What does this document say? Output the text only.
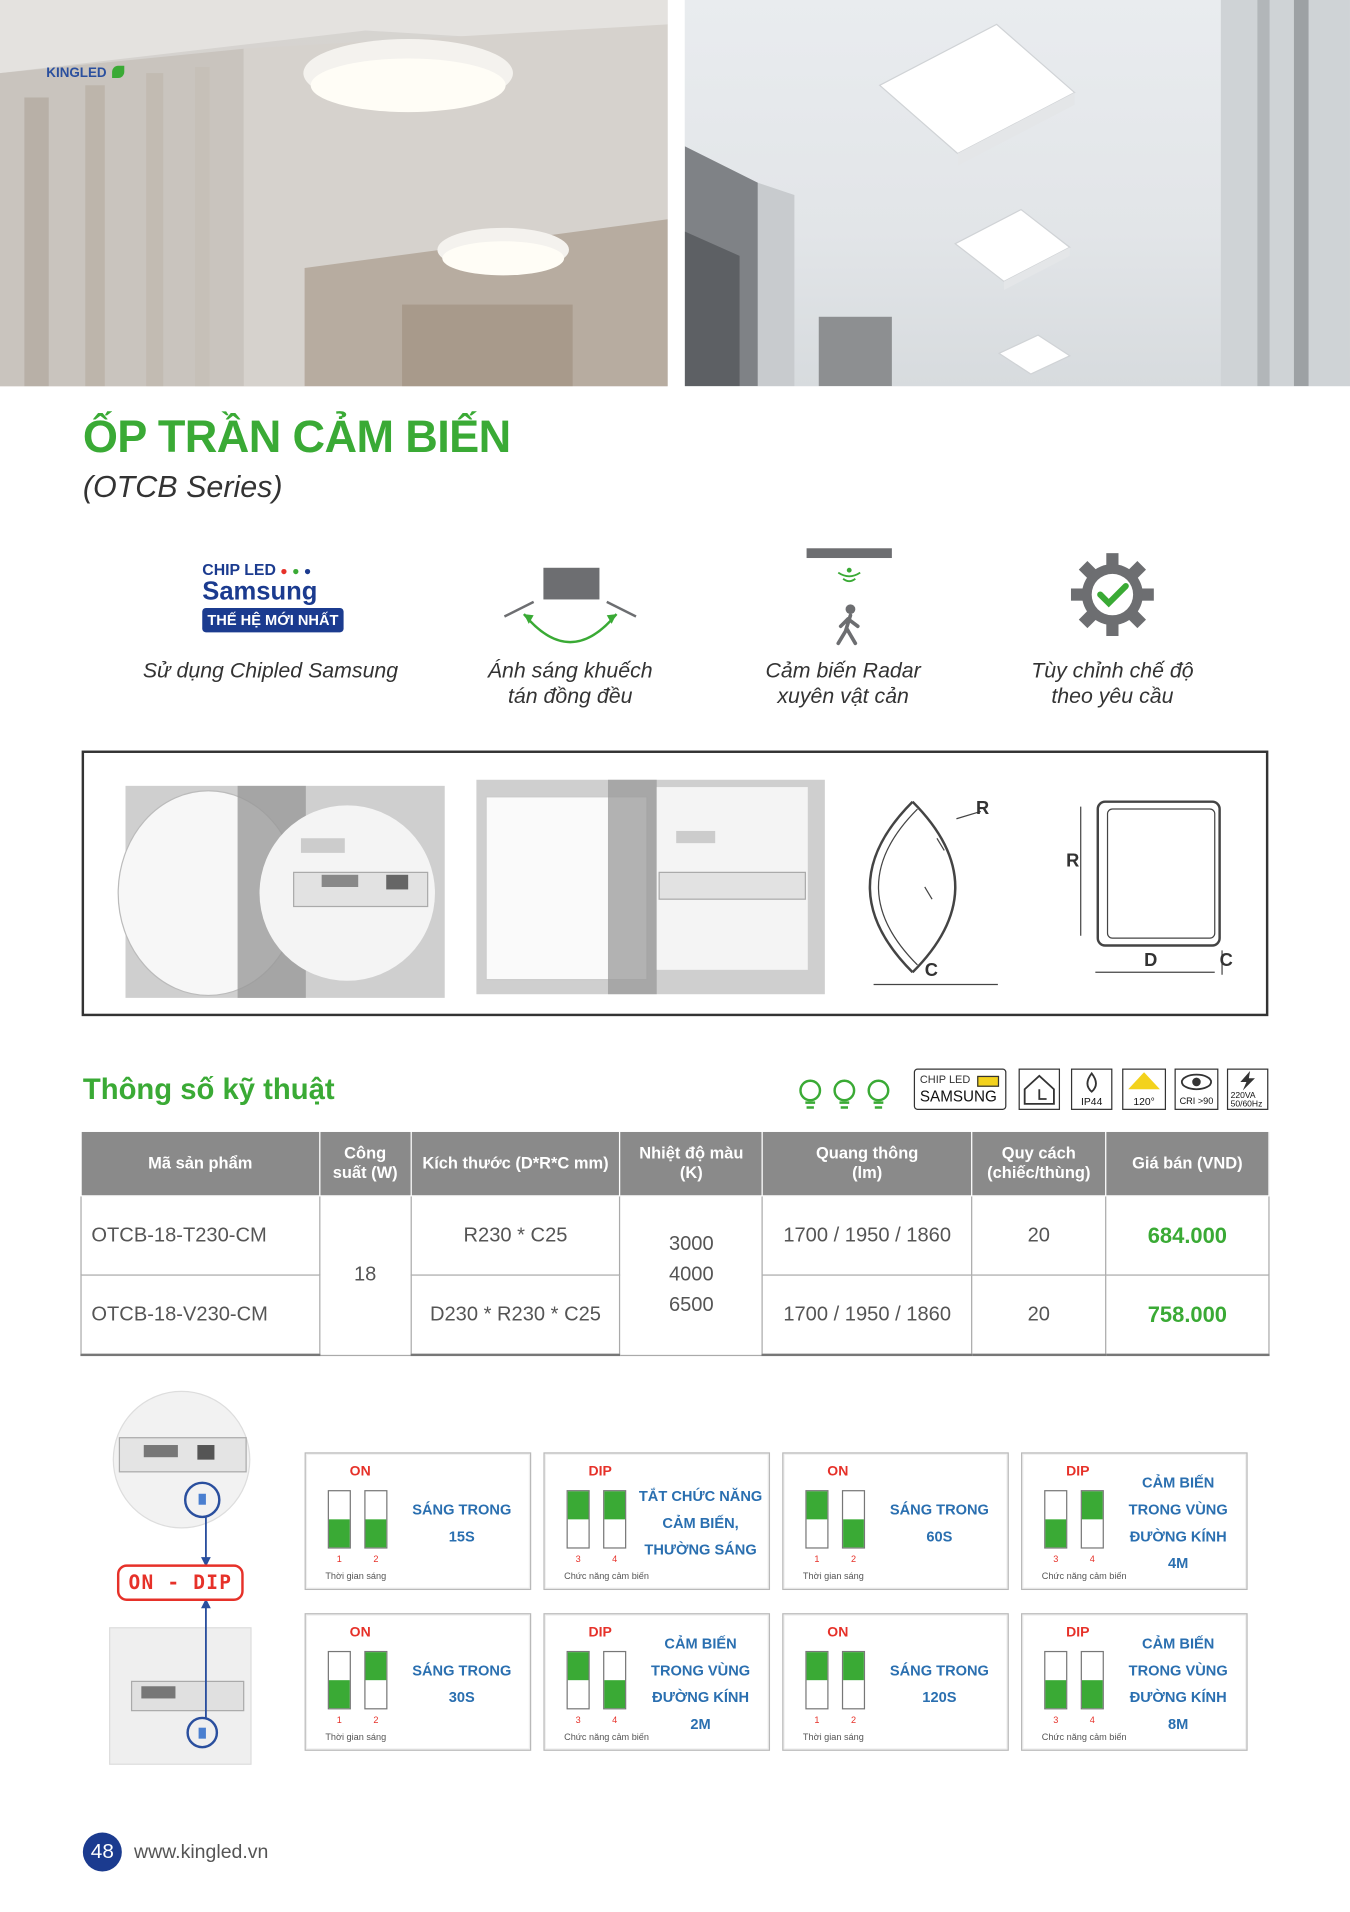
KINGLED
ỐP TRẦN CẢM BIẾN
(OTCB Series)
CHIP LED ● ● ●
Samsung
THẾ HỆ MỚI NHẤT
Sử dụng Chipled Samsung	Ánh sáng khuếch
tán đồng đều
Cảm biến Radar
xuyên vật cản
Tùy chỉnh chế độ
theo yêu cầu
R
C
R
D	C
Thông số kỹ thuật	CHIP LED
SAMSUNG	IP44	120°	CRI >90	220VA
50/60Hz
Mã sản phẩm	Công
suất (W)	Kích thước (D*R*C mm)	Nhiệt độ màu
(K)	Quang thông
(lm)	Quy cách
(chiếc/thùng)	Giá bán (VND)
OTCB-18-T230-CM	18	R230 * C25	3000
4000
6500	1700 / 1950 / 1860	20	684.000
OTCB-18-V230-CM		D230 * R230 * C25		1700 / 1950 / 1860	20	758.000
ON - DIP
ON
1	2
Thời gian sáng
SÁNG TRONG
15S
DIP
3	4
Chức năng cảm biến
TẮT CHỨC NĂNG
CẢM BIẾN,
THƯỜNG SÁNG
ON
1	2
Thời gian sáng
SÁNG TRONG
60S
DIP
3	4
Chức năng cảm biến
CẢM BIẾN
TRONG VÙNG
ĐƯỜNG KÍNH
4M
ON
1	2
Thời gian sáng
SÁNG TRONG
30S
DIP
3	4
Chức năng cảm biến
CẢM BIẾN
TRONG VÙNG
ĐƯỜNG KÍNH
2M
ON
1	2
Thời gian sáng
SÁNG TRONG
120S
DIP
3	4
Chức năng cảm biến
CẢM BIẾN
TRONG VÙNG
ĐƯỜNG KÍNH
8M
48	www.kingled.vn
